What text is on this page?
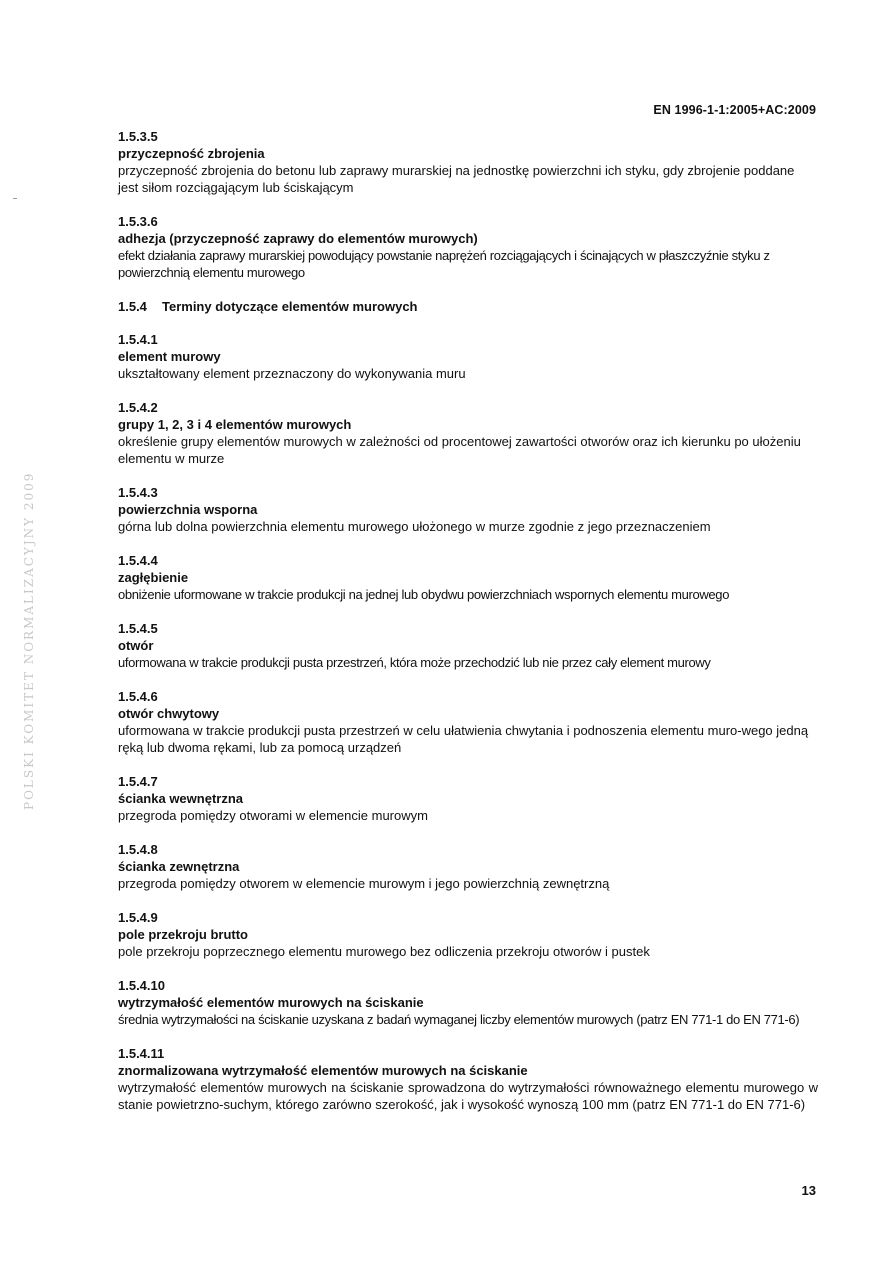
EN 1996-1-1:2005+AC:2009
POLSKI KOMITET NORMALIZACYJNY 2009
1.5.3.5
przyczepność zbrojenia
przyczepność zbrojenia do betonu lub zaprawy murarskiej na jednostkę powierzchni ich styku, gdy zbrojenie poddane jest siłom rozciągającym lub ściskającym
1.5.3.6
adhezja (przyczepność zaprawy do elementów murowych)
efekt działania zaprawy murarskiej powodujący powstanie naprężeń rozciągających i ścinających w płaszczyźnie styku z powierzchnią elementu murowego
1.5.4 Terminy dotyczące elementów murowych
1.5.4.1
element murowy
ukształtowany element przeznaczony do wykonywania muru
1.5.4.2
grupy 1, 2, 3 i 4 elementów murowych
określenie grupy elementów murowych w zależności od procentowej zawartości otworów oraz ich kierunku po ułożeniu elementu w murze
1.5.4.3
powierzchnia wsporna
górna lub dolna powierzchnia elementu murowego ułożonego w murze zgodnie z jego przeznaczeniem
1.5.4.4
zagłębienie
obniżenie uformowane w trakcie produkcji na jednej lub obydwu powierzchniach wspornych elementu murowego
1.5.4.5
otwór
uformowana w trakcie produkcji pusta przestrzeń, która może przechodzić lub nie przez cały element murowy
1.5.4.6
otwór chwytowy
uformowana w trakcie produkcji pusta przestrzeń w celu ułatwienia chwytania i podnoszenia elementu muro-wego jedną ręką lub dwoma rękami, lub za pomocą urządzeń
1.5.4.7
ścianka wewnętrzna
przegroda pomiędzy otworami w elemencie murowym
1.5.4.8
ścianka zewnętrzna
przegroda pomiędzy otworem w elemencie murowym i jego powierzchnią zewnętrzną
1.5.4.9
pole przekroju brutto
pole przekroju poprzecznego elementu murowego bez odliczenia przekroju otworów i pustek
1.5.4.10
wytrzymałość elementów murowych na ściskanie
średnia wytrzymałości na ściskanie uzyskana z badań wymaganej liczby elementów murowych (patrz EN 771-1 do EN 771-6)
1.5.4.11
znormalizowana wytrzymałość elementów murowych na ściskanie
wytrzymałość elementów murowych na ściskanie sprowadzona do wytrzymałości równoważnego elementu murowego w stanie powietrzno-suchym, którego zarówno szerokość, jak i wysokość wynoszą 100 mm (patrz EN 771-1 do EN 771-6)
13
